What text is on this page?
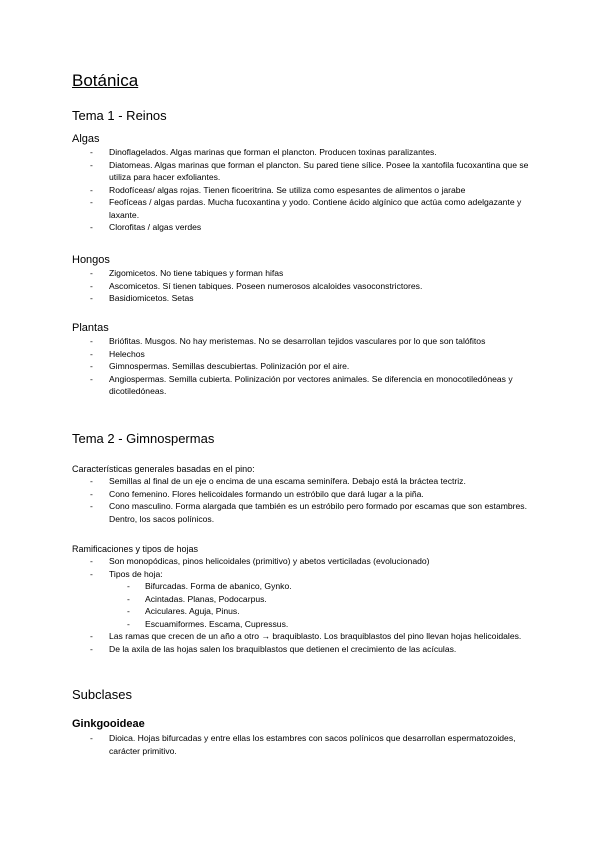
Botánica
Tema 1 - Reinos
Algas
- Dinoflagelados. Algas marinas que forman el plancton. Producen toxinas paralizantes.
- Diatomeas. Algas marinas que forman el plancton. Su pared tiene sílice. Posee la xantofila fucoxantina que se utiliza para hacer exfoliantes.
- Rodofíceas/ algas rojas. Tienen ficoeritrina. Se utiliza como espesantes de alimentos o jarabe
- Feofíceas / algas pardas. Mucha fucoxantina y yodo. Contiene ácido algínico que actúa como adelgazante y laxante.
- Clorofitas / algas verdes
Hongos
- Zigomicetos. No tiene tabiques y forman hifas
- Ascomicetos. Sí tienen tabiques. Poseen numerosos alcaloides vasoconstrictores.
- Basidiomicetos. Setas
Plantas
- Briófitas. Musgos. No hay meristemas. No se desarrollan tejidos vasculares por lo que son talófitos
- Helechos
- Gimnospermas. Semillas descubiertas. Polinización por el aire.
- Angiospermas. Semilla cubierta. Polinización por vectores animales. Se diferencia en monocotiledóneas y dicotiledóneas.
Tema 2 - Gimnospermas
Características generales basadas en el pino:
- Semillas al final de un eje o encima de una escama seminífera. Debajo está la bráctea tectriz.
- Cono femenino. Flores helicoidales formando un estróbilo que dará lugar a la piña.
- Cono masculino. Forma alargada que también es un estróbilo pero formado por escamas que son estambres. Dentro, los sacos polínicos.
Ramificaciones y tipos de hojas
- Son monopódicas, pinos helicoidales (primitivo) y abetos verticiladas (evolucionado)
- Tipos de hoja:
- Bifurcadas. Forma de abanico, Gynko.
- Acintadas. Planas, Podocarpus.
- Aciculares. Aguja, Pinus.
- Escuamiformes. Escama, Cupressus.
- Las ramas que crecen de un año a otro → braquiblasto. Los braquiblastos del pino llevan hojas helicoidales.
- De la axila de las hojas salen los braquiblastos que detienen el crecimiento de las acículas.
Subclases
Ginkgooideae
- Dioica. Hojas bifurcadas y entre ellas los estambres con sacos polínicos que desarrollan espermatozoides, carácter primitivo.
